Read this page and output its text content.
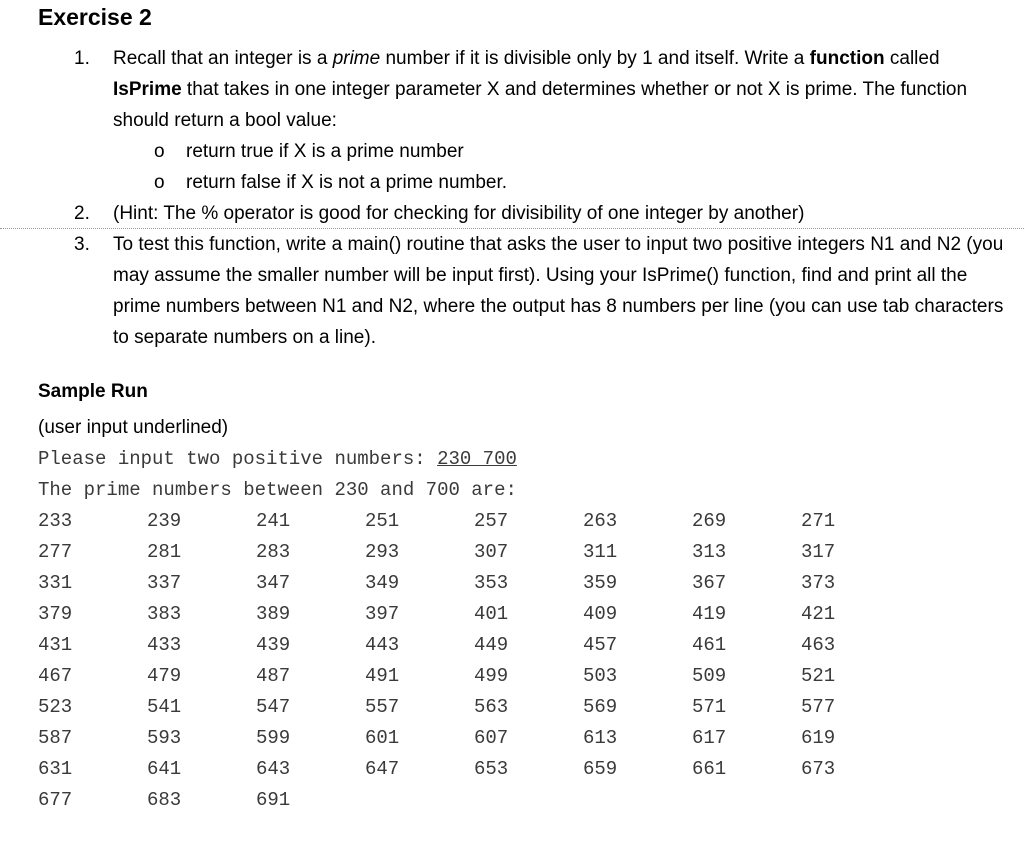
Exercise 2
1. Recall that an integer is a prime number if it is divisible only by 1 and itself. Write a function called IsPrime that takes in one integer parameter X and determines whether or not X is prime. The function should return a bool value:
o return true if X is a prime number
o return false if X is not a prime number.
2. (Hint: The % operator is good for checking for divisibility of one integer by another)
3. To test this function, write a main() routine that asks the user to input two positive integers N1 and N2 (you may assume the smaller number will be input first). Using your IsPrime() function, find and print all the prime numbers between N1 and N2, where the output has 8 numbers per line (you can use tab characters to separate numbers on a line).
Sample Run
(user input underlined)
Please input two positive numbers: 230 700
The prime numbers between 230 and 700 are:
233	239	241	251	257	263	269	271
277	281	283	293	307	311	313	317
331	337	347	349	353	359	367	373
379	383	389	397	401	409	419	421
431	433	439	443	449	457	461	463
467	479	487	491	499	503	509	521
523	541	547	557	563	569	571	577
587	593	599	601	607	613	617	619
631	641	643	647	653	659	661	673
677	683	691
